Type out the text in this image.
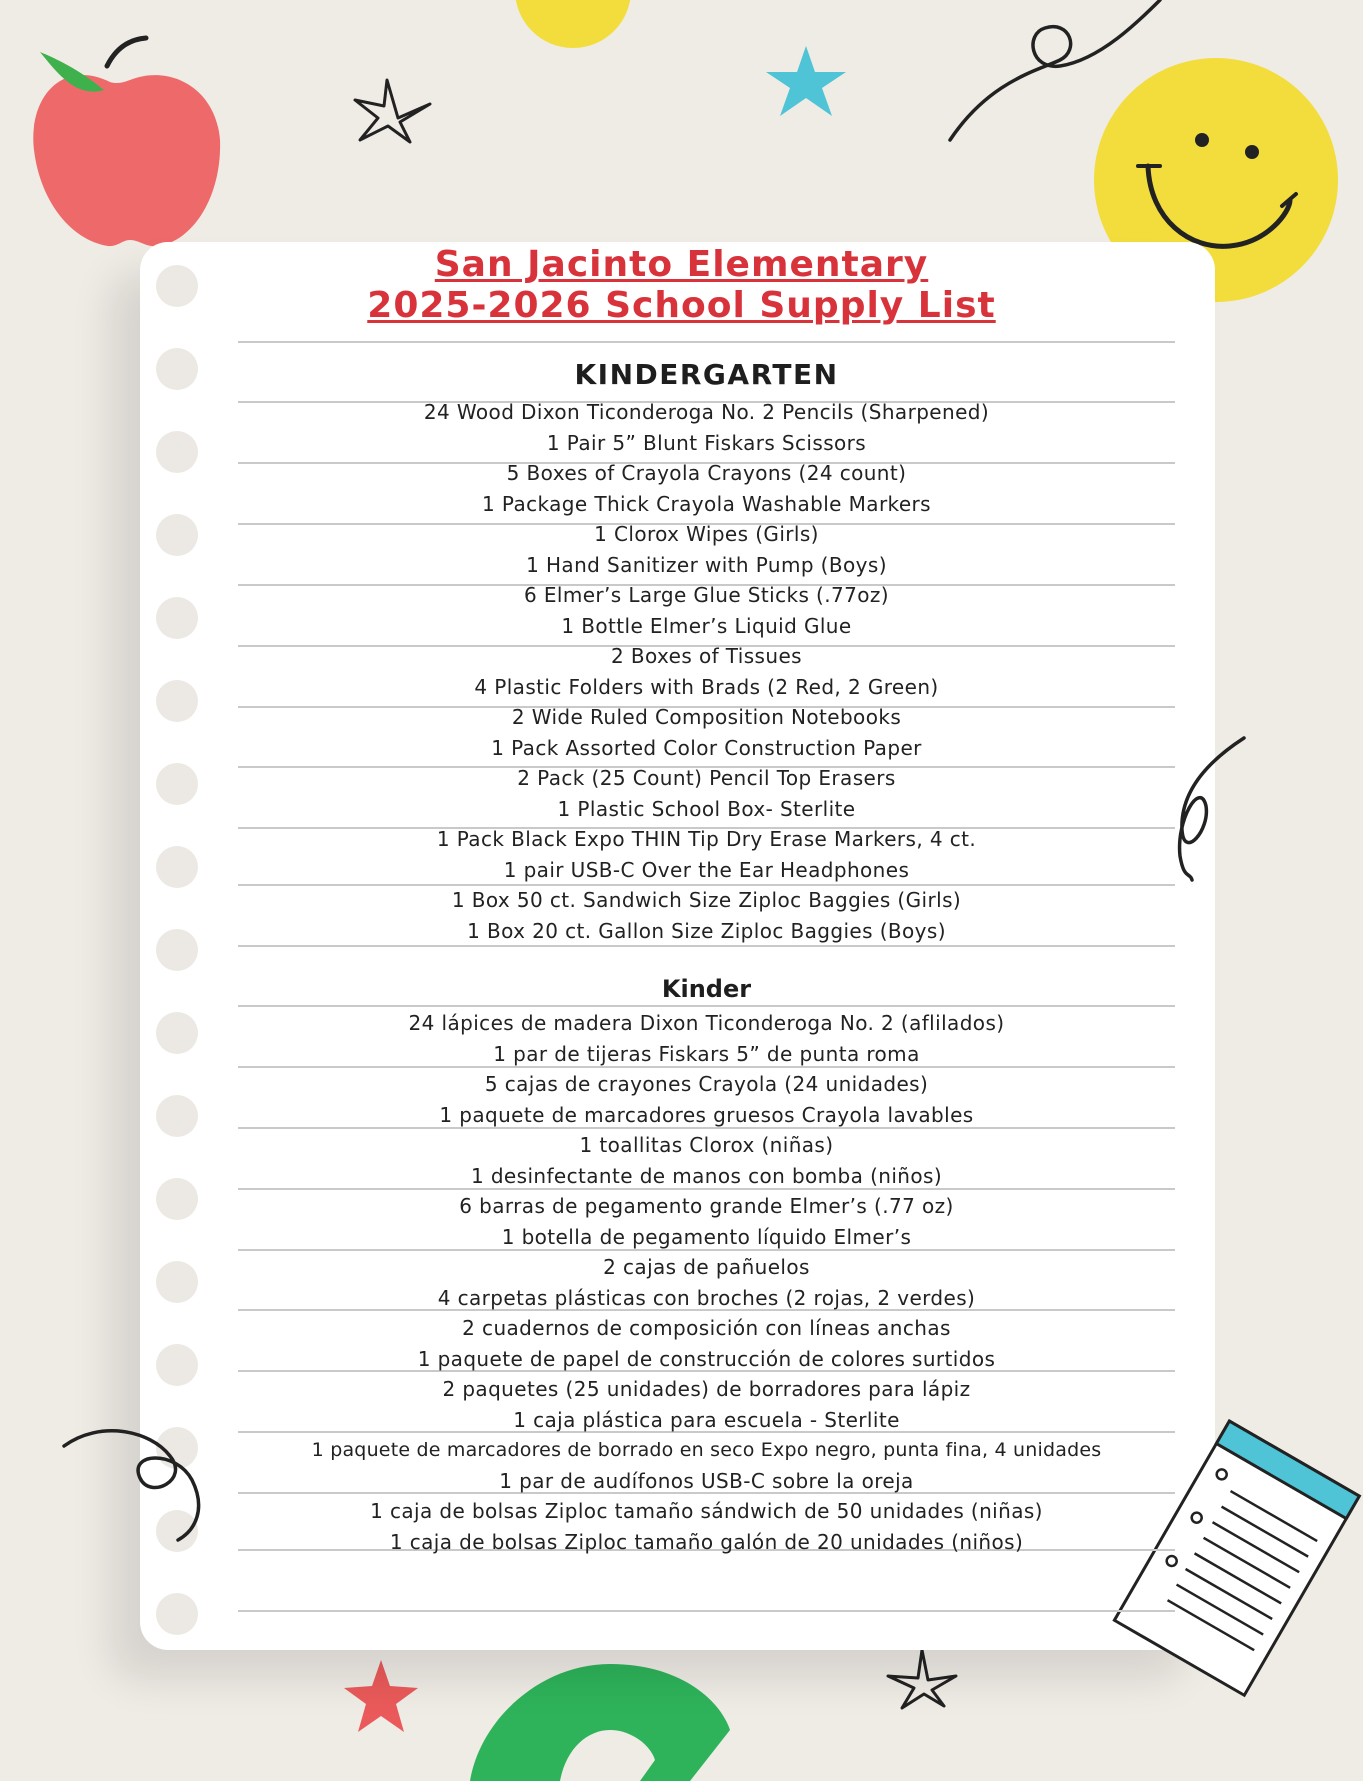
San Jacinto Elementary
2025-2026 School Supply List
KINDERGARTEN
24 Wood Dixon Ticonderoga No. 2 Pencils (Sharpened)
1 Pair 5” Blunt Fiskars Scissors
5 Boxes of Crayola Crayons (24 count)
1 Package Thick Crayola Washable Markers
1 Clorox Wipes (Girls)
1 Hand Sanitizer with Pump (Boys)
6 Elmer’s Large Glue Sticks (.77oz)
1 Bottle Elmer’s Liquid Glue
2 Boxes of Tissues
4 Plastic Folders with Brads (2 Red, 2 Green)
2 Wide Ruled Composition Notebooks
1 Pack Assorted Color Construction Paper
2 Pack (25 Count) Pencil Top Erasers
1 Plastic School Box- Sterlite
1 Pack Black Expo THIN Tip Dry Erase Markers, 4 ct.
1 pair USB-C Over the Ear Headphones
1 Box 50 ct. Sandwich Size Ziploc Baggies (Girls)
1 Box 20 ct. Gallon Size Ziploc Baggies (Boys)
Kinder
24 lápices de madera Dixon Ticonderoga No. 2 (aflilados)
1 par de tijeras Fiskars 5” de punta roma
5 cajas de crayones Crayola (24 unidades)
1 paquete de marcadores gruesos Crayola lavables
1 toallitas Clorox (niñas)
1 desinfectante de manos con bomba (niños)
6 barras de pegamento grande Elmer’s (.77 oz)
1 botella de pegamento líquido Elmer’s
2 cajas de pañuelos
4 carpetas plásticas con broches (2 rojas, 2 verdes)
2 cuadernos de composición con líneas anchas
1 paquete de papel de construcción de colores surtidos
2 paquetes (25 unidades) de borradores para lápiz
1 caja plástica para escuela - Sterlite
1 paquete de marcadores de borrado en seco Expo negro, punta fina, 4 unidades
1 par de audífonos USB-C sobre la oreja
1 caja de bolsas Ziploc tamaño sándwich de 50 unidades (niñas)
1 caja de bolsas Ziploc tamaño galón de 20 unidades (niños)
